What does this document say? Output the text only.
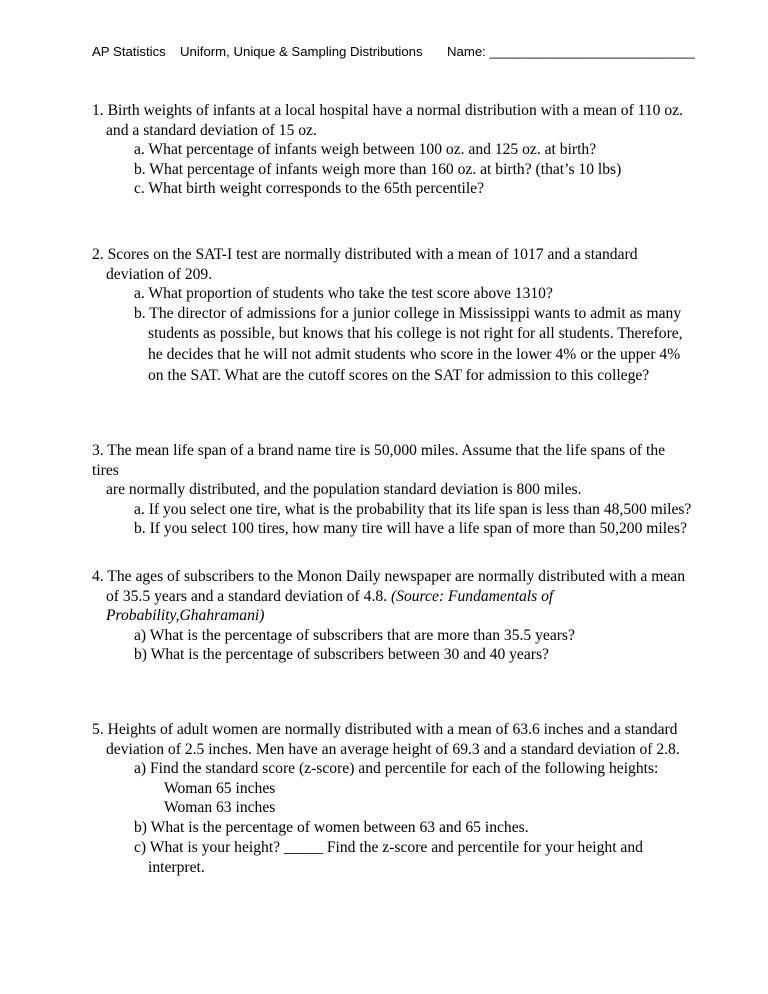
AP Statistics Uniform, Unique & Sampling Distributions Name: ____________________________

1. Birth weights of infants at a local hospital have a normal distribution with a mean of 110 oz.
and a standard deviation of 15 oz.

a. What percentage of infants weigh between 100 oz. and 125 oz. at birth?

b. What percentage of infants weigh more than 160 oz. at birth? (that’s 10 lbs)

c. What birth weight corresponds to the 65th percentile?

2. Scores on the SAT-I test are normally distributed with a mean of 1017 and a standard
deviation of 209.

a. What proportion of students who take the test score above 1310?

b. The director of admissions for a junior college in Mississippi wants to admit as many
students as possible, but knows that his college is not right for all students. Therefore,
he decides that he will not admit students who score in the lower 4% or the upper 4%
on the SAT. What are the cutoff scores on the SAT for admission to this college?

3. The mean life span of a brand name tire is 50,000 miles. Assume that the life spans of the tires
are normally distributed, and the population standard deviation is 800 miles.

a. If you select one tire, what is the probability that its life span is less than 48,500 miles?

b. If you select 100 tires, how many tire will have a life span of more than 50,200 miles?

4. The ages of subscribers to the Monon Daily newspaper are normally distributed with a mean
of 35.5 years and a standard deviation of 4.8. (Source: Fundamentals of
Probability,Ghahramani)

a) What is the percentage of subscribers that are more than 35.5 years?

b) What is the percentage of subscribers between 30 and 40 years?

5. Heights of adult women are normally distributed with a mean of 63.6 inches and a standard
deviation of 2.5 inches. Men have an average height of 69.3 and a standard deviation of 2.8.

a) Find the standard score (z-score) and percentile for each of the following heights:

Woman 65 inches

Woman 63 inches

b) What is the percentage of women between 63 and 65 inches.

c) What is your height? _____ Find the z-score and percentile for your height and
interpret.
